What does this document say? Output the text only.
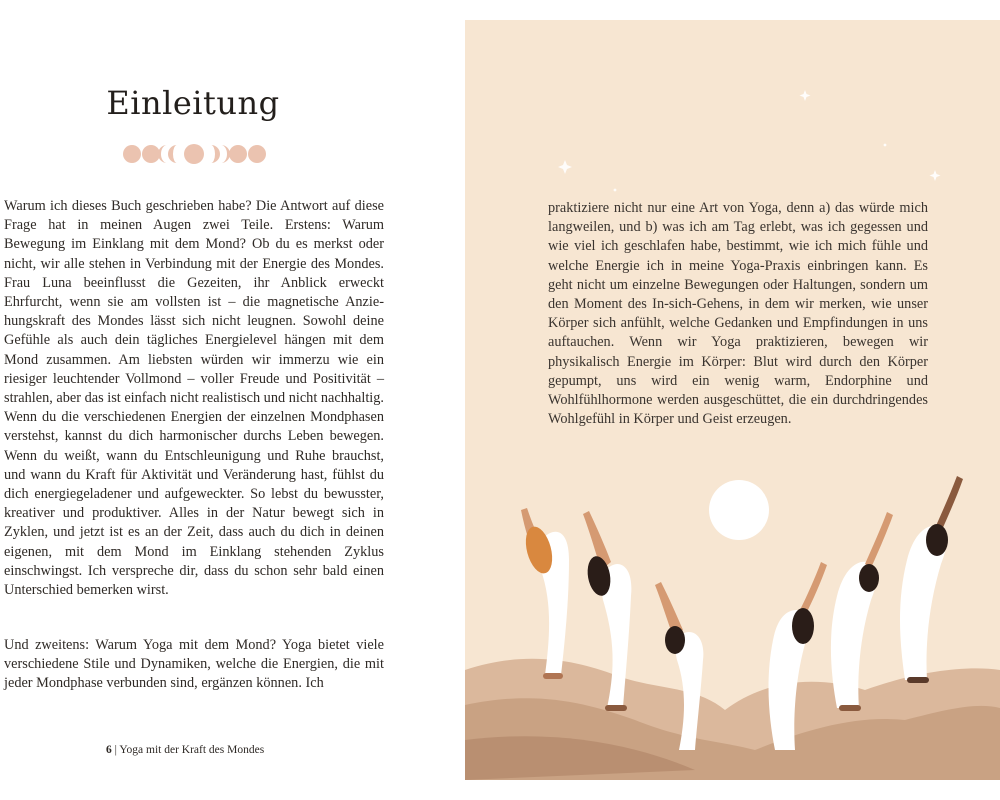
Einleitung

Warum ich dieses Buch geschrieben habe? Die Antwort auf diese Frage hat in meinen Augen zwei Teile. Erstens: Warum Bewegung im Einklang mit dem Mond? Ob du es merkst oder nicht, wir alle stehen in Verbindung mit der Energie des Mondes. Frau Luna beeinflusst die Gezeiten, ihr Anblick erweckt Ehrfurcht, wenn sie am vollsten ist – die magnetische Anziehungskraft des Mondes lässt sich nicht leugnen. Sowohl deine Gefühle als auch dein tägliches Energielevel hängen mit dem Mond zusammen. Am liebsten würden wir immerzu wie ein riesiger leuchtender Vollmond – voller Freude und Positivität – strahlen, aber das ist einfach nicht realistisch und nicht nachhaltig. Wenn du die verschiedenen Energien der einzelnen Mondphasen verstehst, kannst du dich harmonischer durchs Leben bewegen. Wenn du weißt, wann du Entschleunigung und Ruhe brauchst, und wann du Kraft für Aktivität und Veränderung hast, fühlst du dich energiegeladener und aufgeweckter. So lebst du bewusster, kreativer und produktiver. Alles in der Natur bewegt sich in Zyklen, und jetzt ist es an der Zeit, dass auch du dich in deinen eigenen, mit dem Mond im Einklang stehenden Zyklus einschwingst. Ich verspreche dir, dass du schon sehr bald einen Unterschied bemerken wirst.

Und zweitens: Warum Yoga mit dem Mond? Yoga bietet viele verschiedene Stile und Dynamiken, welche die Energien, die mit jeder Mondphase verbunden sind, ergänzen können. Ich

6 | Yoga mit der Kraft des Mondes

praktiziere nicht nur eine Art von Yoga, denn a) das würde mich langweilen, und b) was ich am Tag erlebt, was ich gegessen und wie viel ich geschlafen habe, bestimmt, wie ich mich fühle und welche Energie ich in meine Yoga-Praxis einbringen kann. Es geht nicht um einzelne Bewegungen oder Haltungen, sondern um den Moment des In-sich-Gehens, in dem wir merken, wie unser Körper sich anfühlt, welche Gedanken und Empfindungen in uns auftauchen. Wenn wir Yoga praktizieren, bewegen wir physikalisch Energie im Körper: Blut wird durch den Körper gepumpt, uns wird ein wenig warm, Endorphine und Wohlfühlhormone werden ausgeschüttet, die ein durchdringendes Wohlgefühl in Körper und Geist erzeugen.
